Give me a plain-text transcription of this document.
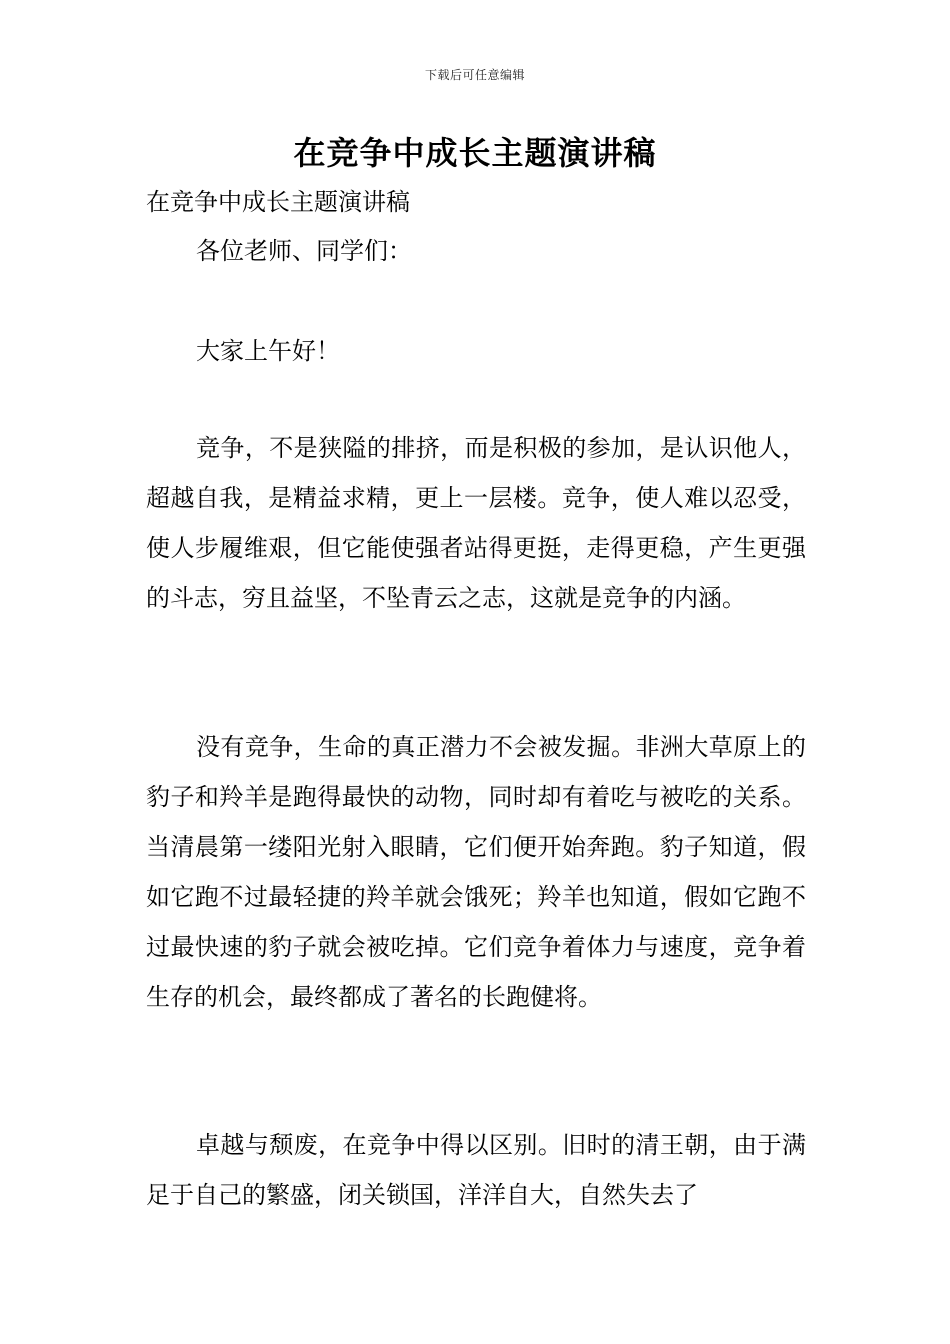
下载后可任意编辑
在竞争中成长主题演讲稿

在竞争中成长主题演讲稿

各位老师、同学们：

大家上午好！

竞争，不是狭隘的排挤，而是积极的参加，是认识他人，超越自我，是精益求精，更上一层楼。竞争，使人难以忍受，使人步履维艰，但它能使强者站得更挺，走得更稳，产生更强的斗志，穷且益坚，不坠青云之志，这就是竞争的内涵。

没有竞争，生命的真正潜力不会被发掘。非洲大草原上的豹子和羚羊是跑得最快的动物，同时却有着吃与被吃的关系。当清晨第一缕阳光射入眼睛，它们便开始奔跑。豹子知道，假如它跑不过最轻捷的羚羊就会饿死；羚羊也知道，假如它跑不过最快速的豹子就会被吃掉。它们竞争着体力与速度，竞争着生存的机会，最终都成了著名的长跑健将。

卓越与颓废，在竞争中得以区别。旧时的清王朝，由于满足于自己的繁盛，闭关锁国，洋洋自大，自然失去了
